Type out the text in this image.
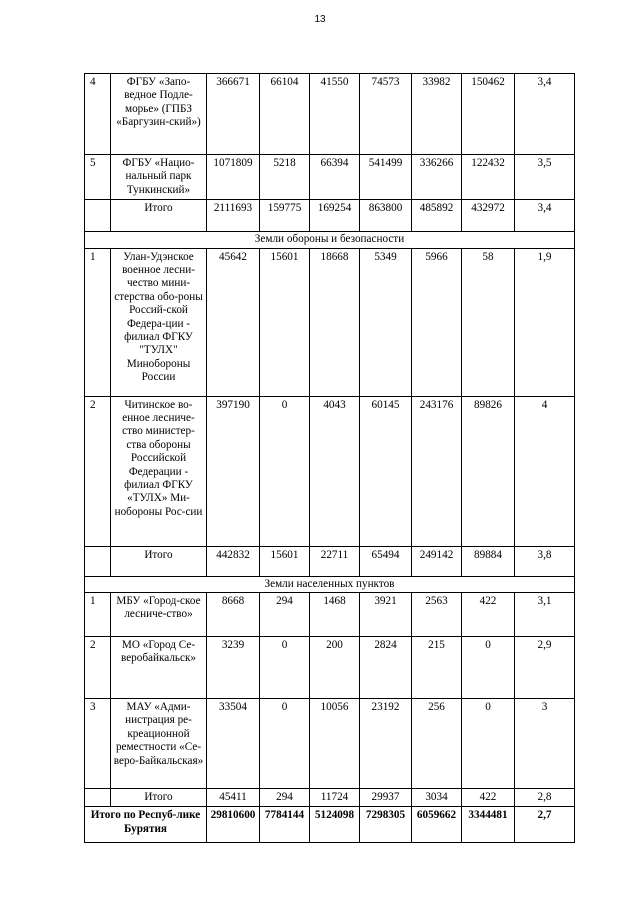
13
4	ФГБУ «Запо-ведное Подле-морье» (ГПБЗ «Баргузин-ский»)	366671	66104	41550	74573	33982	150462	3,4
5	ФГБУ «Нацио-нальный парк Тункинский»	1071809	5218	66394	541499	336266	122432	3,5
	Итого	2111693	159775	169254	863800	485892	432972	3,4
Земли обороны и безопасности								
1	Улан-Удэнское военное лесни-чество мини-стерства обо-роны Россий-ской Федера-ции - филиал ФГКУ "ТУЛХ" Минобороны России	45642	15601	18668	5349	5966	58	1,9
2	Читинское во-енное лесниче-ство министер-ства обороны Российской Федерации - филиал ФГКУ «ТУЛХ» Ми-нобороны Рос-сии	397190	0	4043	60145	243176	89826	4
	Итого	442832	15601	22711	65494	249142	89884	3,8
Земли населенных пунктов								
1	МБУ «Город-ское лесниче-ство»	8668	294	1468	3921	2563	422	3,1
2	МО «Город Се-веробайкальск»	3239	0	200	2824	215	0	2,9
3	МАУ «Адми-нистрация ре-креационной реместности «Се-веро-Байкальская»	33504	0	10056	23192	256	0	3
	Итого	45411	294	11724	29937	3034	422	2,8
Итого по Респуб-лике Бурятия		29810600	7784144	5124098	7298305	6059662	3344481	2,7
